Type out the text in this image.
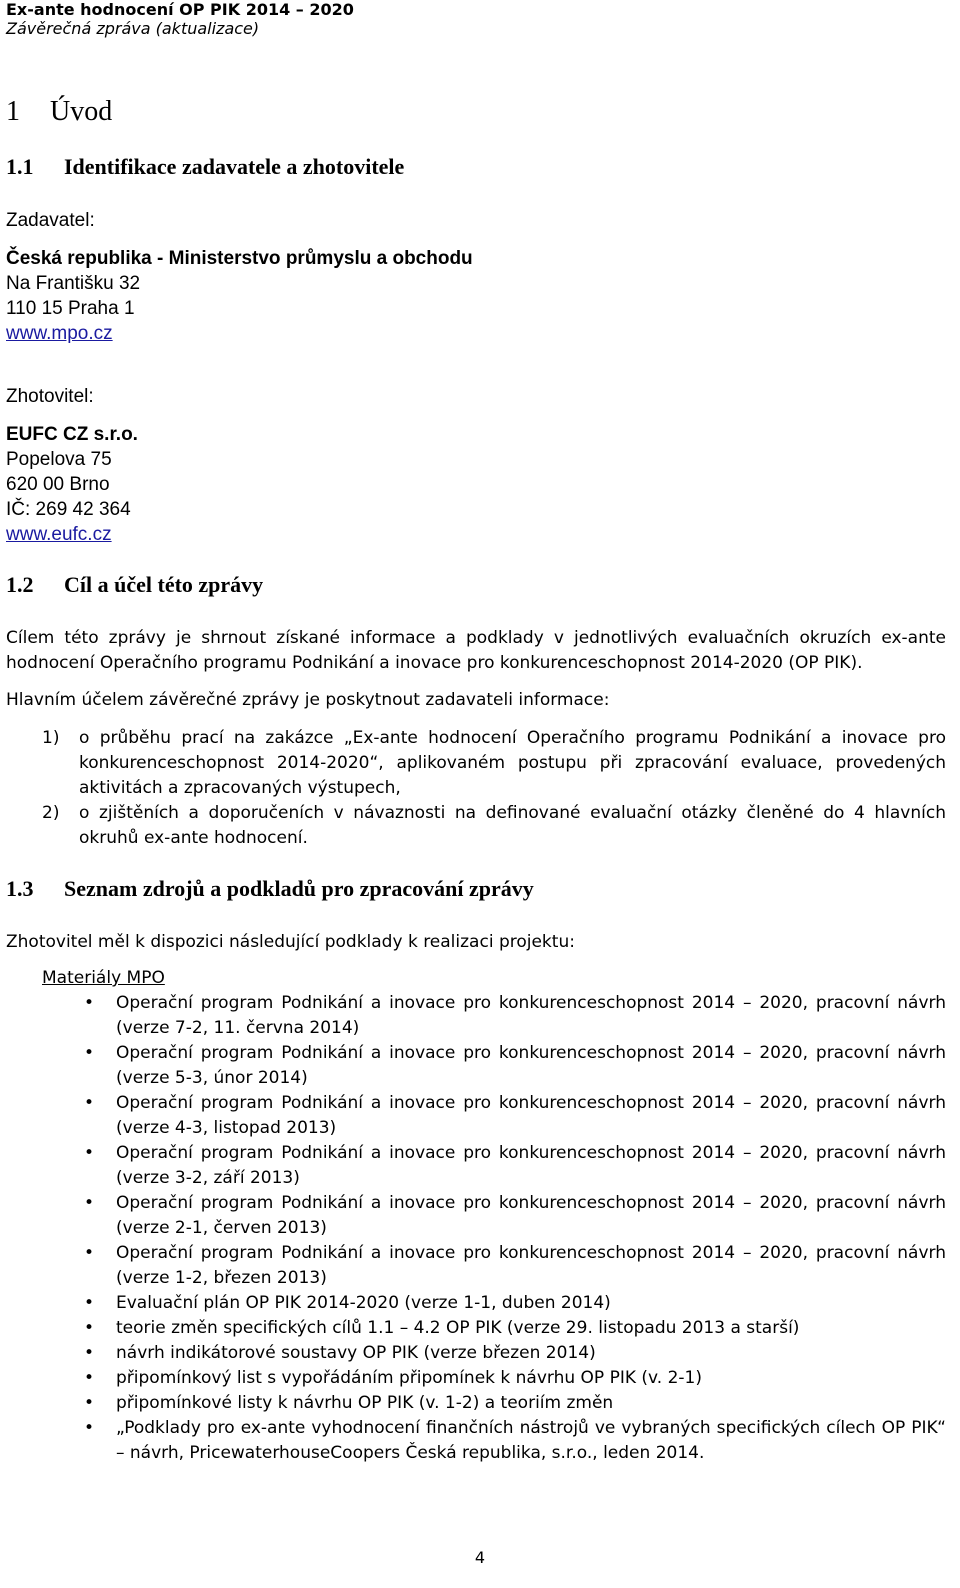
Ex-ante hodnocení OP PIK 2014 – 2020
Závěrečná zpráva (aktualizace)
1 Úvod
1.1 Identifikace zadavatele a zhotovitele
Zadavatel:
Česká republika - Ministerstvo průmyslu a obchodu
Na Františku 32
110 15 Praha 1
www.mpo.cz
Zhotovitel:
EUFC CZ s.r.o.
Popelova 75
620 00 Brno
IČ: 269 42 364
www.eufc.cz
1.2 Cíl a účel této zprávy
Cílem této zprávy je shrnout získané informace a podklady v jednotlivých evaluačních okruzích ex-ante hodnocení Operačního programu Podnikání a inovace pro konkurenceschopnost 2014-2020 (OP PIK).
Hlavním účelem závěrečné zprávy je poskytnout zadavateli informace:
1) o průběhu prací na zakázce „Ex-ante hodnocení Operačního programu Podnikání a inovace pro konkurenceschopnost 2014-2020“, aplikovaném postupu při zpracování evaluace, provedených aktivitách a zpracovaných výstupech,
2) o zjištěních a doporučeních v návaznosti na definované evaluační otázky členěné do 4 hlavních okruhů ex-ante hodnocení.
1.3 Seznam zdrojů a podkladů pro zpracování zprávy
Zhotovitel měl k dispozici následující podklady k realizaci projektu:
Materiály MPO
• Operační program Podnikání a inovace pro konkurenceschopnost 2014 – 2020, pracovní návrh (verze 7-2, 11. června 2014)
• Operační program Podnikání a inovace pro konkurenceschopnost 2014 – 2020, pracovní návrh (verze 5-3, únor 2014)
• Operační program Podnikání a inovace pro konkurenceschopnost 2014 – 2020, pracovní návrh (verze 4-3, listopad 2013)
• Operační program Podnikání a inovace pro konkurenceschopnost 2014 – 2020, pracovní návrh (verze 3-2, září 2013)
• Operační program Podnikání a inovace pro konkurenceschopnost 2014 – 2020, pracovní návrh (verze 2-1, červen 2013)
• Operační program Podnikání a inovace pro konkurenceschopnost 2014 – 2020, pracovní návrh (verze 1-2, březen 2013)
• Evaluační plán OP PIK 2014-2020 (verze 1-1, duben 2014)
• teorie změn specifických cílů 1.1 – 4.2 OP PIK (verze 29. listopadu 2013 a starší)
• návrh indikátorové soustavy OP PIK (verze březen 2014)
• připomínkový list s vypořádáním připomínek k návrhu OP PIK (v. 2-1)
• připomínkové listy k návrhu OP PIK (v. 1-2) a teoriím změn
• „Podklady pro ex-ante vyhodnocení finančních nástrojů ve vybraných specifických cílech OP PIK“ – návrh, PricewaterhouseCoopers Česká republika, s.r.o., leden 2014.
4
